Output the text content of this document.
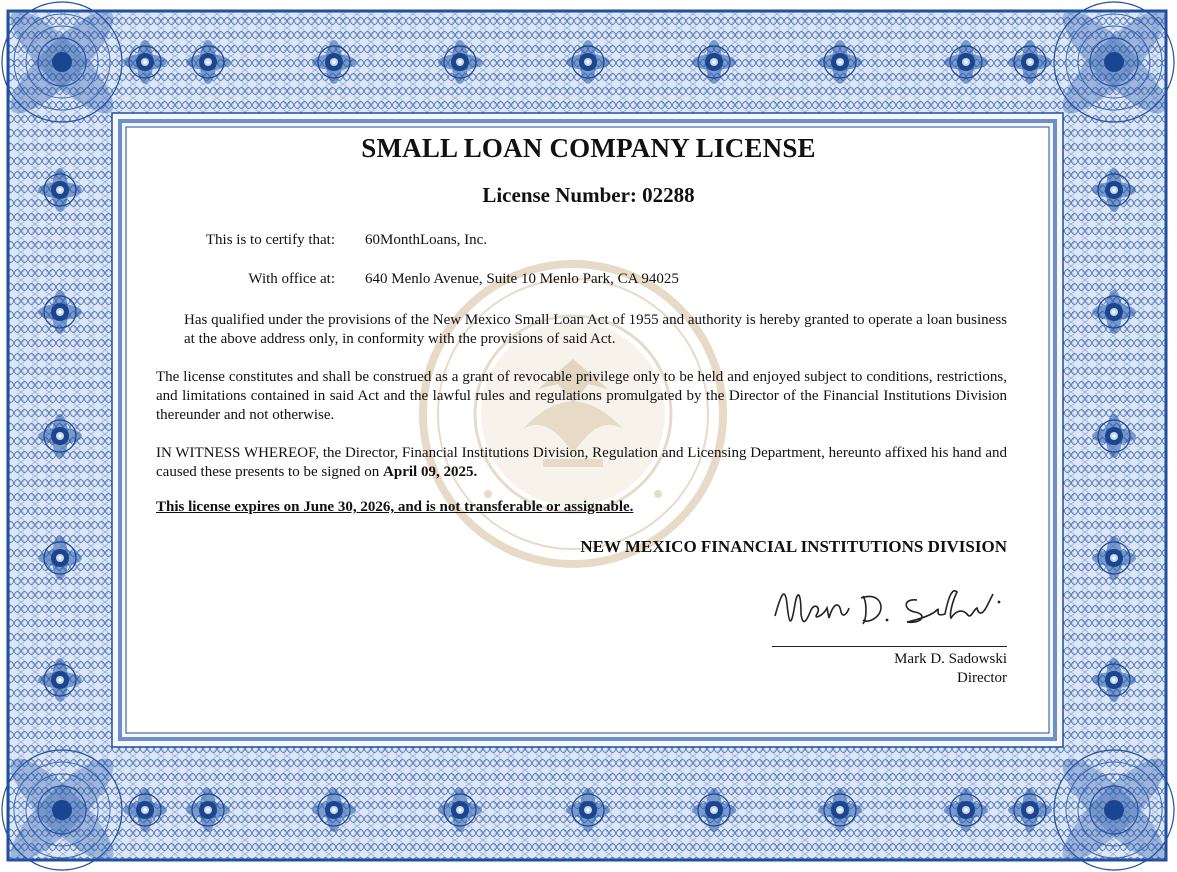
SMALL LOAN COMPANY LICENSE
License Number: 02288
This is to certify that: 60MonthLoans, Inc.
With office at: 640 Menlo Avenue, Suite 10 Menlo Park, CA 94025
Has qualified under the provisions of the New Mexico Small Loan Act of 1955 and authority is hereby granted to operate a loan business at the above address only, in conformity with the provisions of said Act.
The license constitutes and shall be construed as a grant of revocable privilege only to be held and enjoyed subject to conditions, restrictions, and limitations contained in said Act and the lawful rules and regulations promulgated by the Director of the Financial Institutions Division thereunder and not otherwise.
IN WITNESS WHEREOF, the Director, Financial Institutions Division, Regulation and Licensing Department, hereunto affixed his hand and caused these presents to be signed on April 09, 2025.
This license expires on June 30, 2026, and is not transferable or assignable.
NEW MEXICO FINANCIAL INSTITUTIONS DIVISION
Mark D. Sadowski
Director
